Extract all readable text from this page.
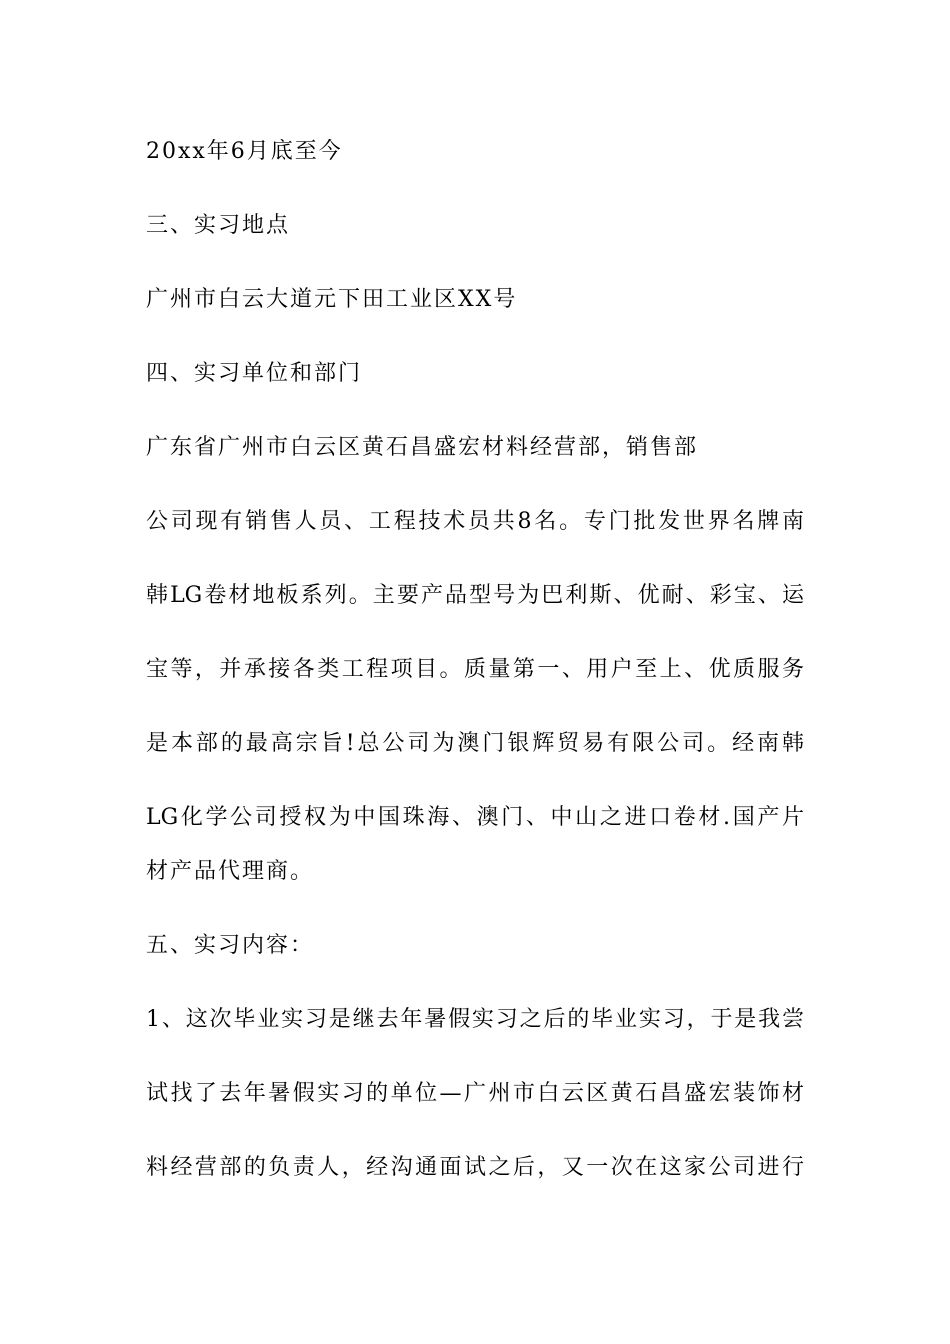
20xx年6月底至今
三、实习地点
广州市白云大道元下田工业区XX号
四、实习单位和部门
广东省广州市白云区黄石昌盛宏材料经营部，销售部
公司现有销售人员、工程技术员共8名。专门批发世界名牌南
韩LG卷材地板系列。主要产品型号为巴利斯、优耐、彩宝、运
宝等，并承接各类工程项目。质量第一、用户至上、优质服务
是本部的最高宗旨!总公司为澳门银辉贸易有限公司。经南韩
LG化学公司授权为中国珠海、澳门、中山之进口卷材.国产片
材产品代理商。
五、实习内容：
1、这次毕业实习是继去年暑假实习之后的毕业实习，于是我尝
试找了去年暑假实习的单位—广州市白云区黄石昌盛宏装饰材
料经营部的负责人，经沟通面试之后，又一次在这家公司进行
